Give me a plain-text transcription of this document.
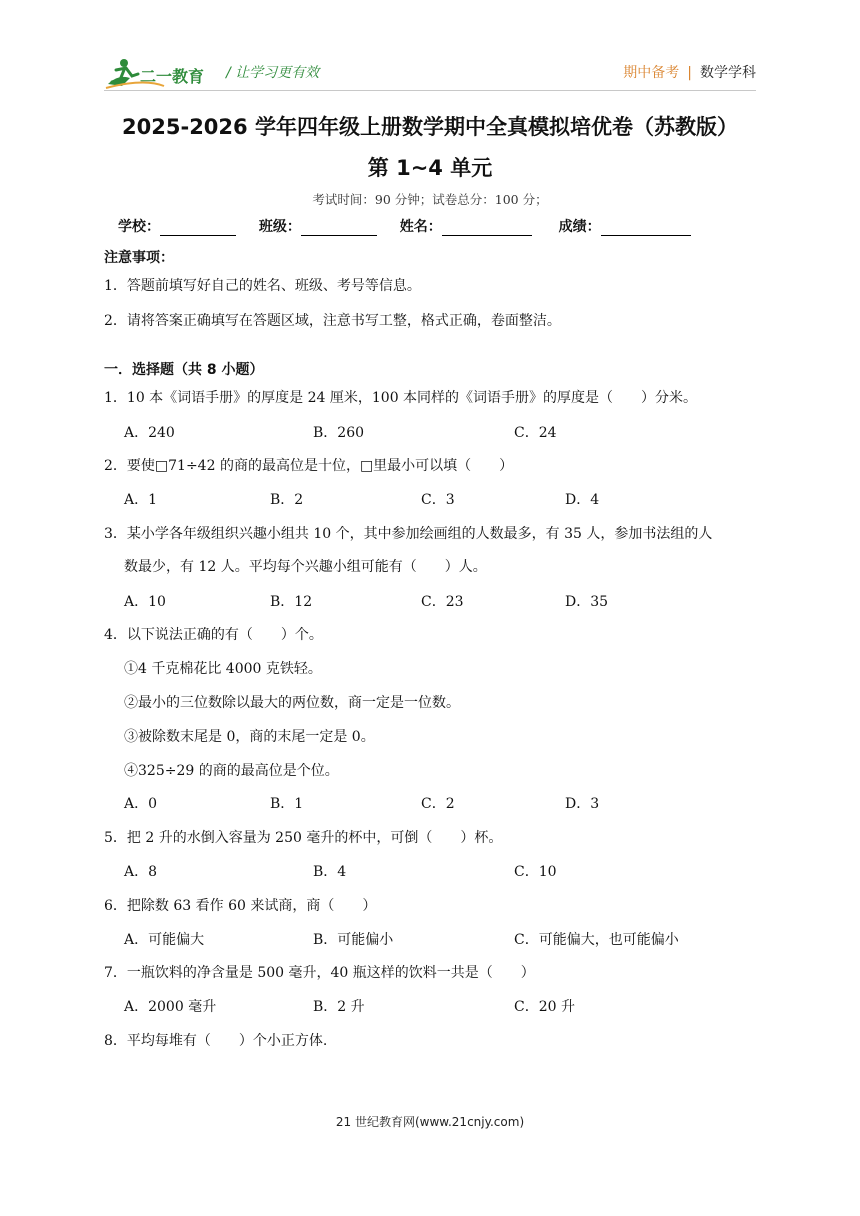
二一教育 / 让学习更有效	期中备考 | 数学学科
2025-2026 学年四年级上册数学期中全真模拟培优卷（苏教版）
第 1~4 单元
考试时间：90 分钟；试卷总分：100 分；
学校：	班级：	姓名：	成绩：
注意事项：
1．答题前填写好自己的姓名、班级、考号等信息。
2．请将答案正确填写在答题区域，注意书写工整，格式正确，卷面整洁。
一．选择题（共 8 小题）
1．10 本《词语手册》的厚度是 24 厘米，100 本同样的《词语手册》的厚度是（　　）分米。
A．240	B．260	C．24
2．要使□71÷42 的商的最高位是十位，□里最小可以填（　　）
A．1	B．2	C．3	D．4
3．某小学各年级组织兴趣小组共 10 个，其中参加绘画组的人数最多，有 35 人，参加书法组的人
数最少，有 12 人。平均每个兴趣小组可能有（　　）人。
A．10	B．12	C．23	D．35
4．以下说法正确的有（　　）个。
①4 千克棉花比 4000 克铁轻。
②最小的三位数除以最大的两位数，商一定是一位数。
③被除数末尾是 0，商的末尾一定是 0。
④325÷29 的商的最高位是个位。
A．0	B．1	C．2	D．3
5．把 2 升的水倒入容量为 250 毫升的杯中，可倒（　　）杯。
A．8	B．4	C．10
6．把除数 63 看作 60 来试商，商（　　）
A．可能偏大	B．可能偏小	C．可能偏大，也可能偏小
7．一瓶饮料的净含量是 500 毫升，40 瓶这样的饮料一共是（　　）
A．2000 毫升	B．2 升	C．20 升
8．平均每堆有（　　）个小正方体.
21 世纪教育网(www.21cnjy.com)
